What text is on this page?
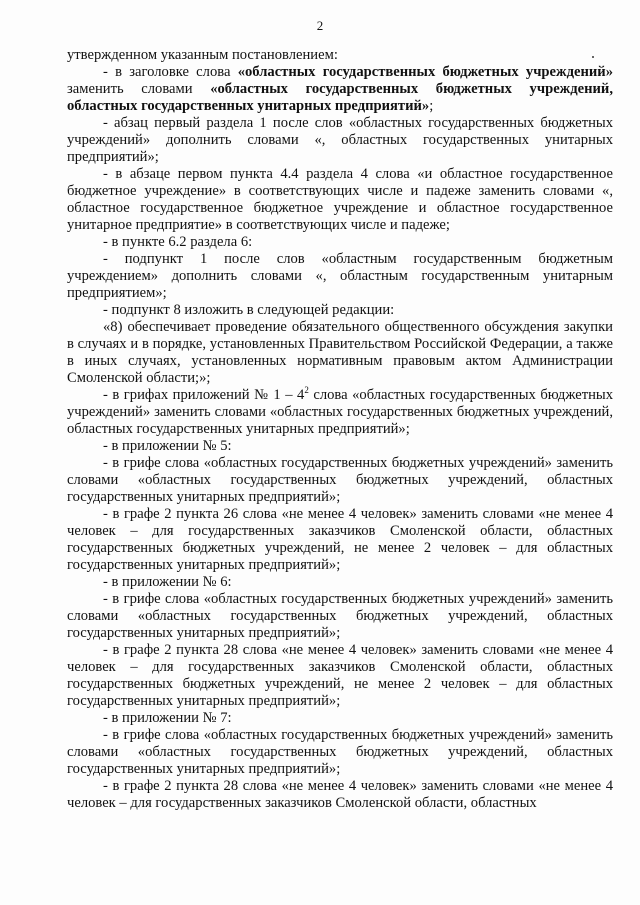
2

утвержденном указанным постановлением:

- в заголовке слова «областных государственных бюджетных учреждений» заменить словами «областных государственных бюджетных учреждений, областных государственных унитарных предприятий»;

- абзац первый раздела 1 после слов «областных государственных бюджетных учреждений» дополнить словами «, областных государственных унитарных предприятий»;

- в абзаце первом пункта 4.4 раздела 4 слова «и областное государственное бюджетное учреждение» в соответствующих числе и падеже заменить словами «, областное государственное бюджетное учреждение и областное государственное унитарное предприятие» в соответствующих числе и падеже;

- в пункте 6.2 раздела 6:

- подпункт 1 после слов «областным государственным бюджетным учреждением» дополнить словами «, областным государственным унитарным предприятием»;

- подпункт 8 изложить в следующей редакции:

«8) обеспечивает проведение обязательного общественного обсуждения закупки в случаях и в порядке, установленных Правительством Российской Федерации, а также в иных случаях, установленных нормативным правовым актом Администрации Смоленской области;»;

- в грифах приложений № $1 - 4^2$ слова «областных государственных бюджетных учреждений» заменить словами «областных государственных бюджетных учреждений, областных государственных унитарных предприятий»;

- в приложении № 5:

- в грифе слова «областных государственных бюджетных учреждений» заменить словами «областных государственных бюджетных учреждений, областных государственных унитарных предприятий»;

- в графе 2 пункта 26 слова «не менее 4 человек» заменить словами «не менее 4 человек – для государственных заказчиков Смоленской области, областных государственных бюджетных учреждений, не менее 2 человек – для областных государственных унитарных предприятий»;

- в приложении № 6:

- в грифе слова «областных государственных бюджетных учреждений» заменить словами «областных государственных бюджетных учреждений, областных государственных унитарных предприятий»;

- в графе 2 пункта 28 слова «не менее 4 человек» заменить словами «не менее 4 человек – для государственных заказчиков Смоленской области, областных государственных бюджетных учреждений, не менее 2 человек – для областных государственных унитарных предприятий»;

- в приложении № 7:

- в грифе слова «областных государственных бюджетных учреждений» заменить словами «областных государственных бюджетных учреждений, областных государственных унитарных предприятий»;

- в графе 2 пункта 28 слова «не менее 4 человек» заменить словами «не менее 4 человек – для государственных заказчиков Смоленской области, областных
